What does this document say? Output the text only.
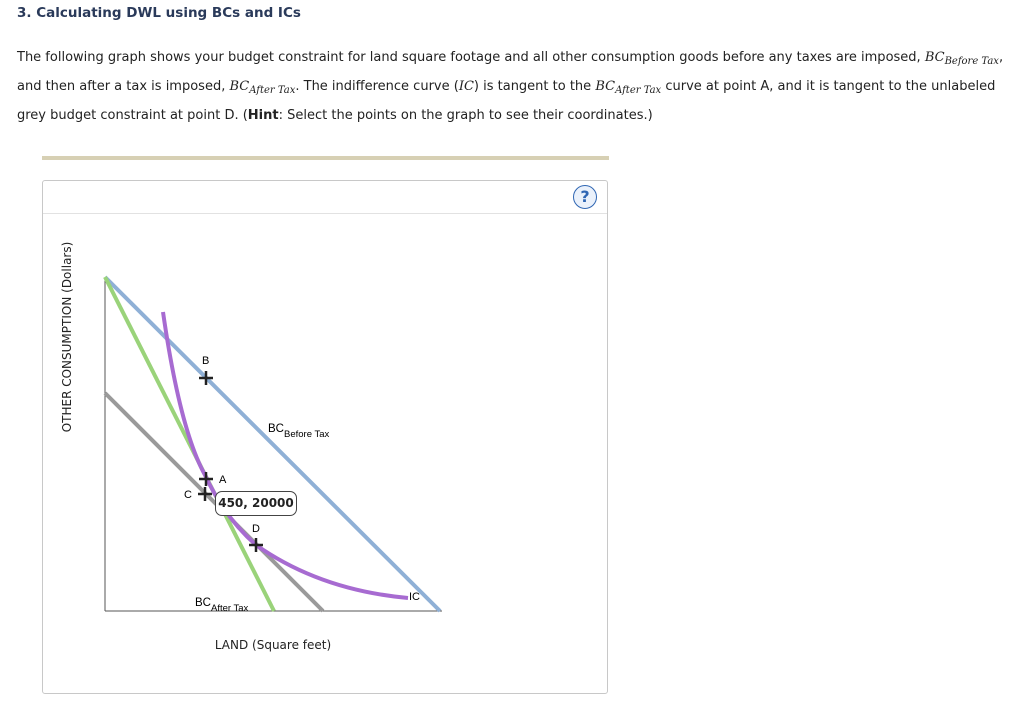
3. Calculating DWL using BCs and ICs
The following graph shows your budget constraint for land square footage and all other consumption goods before any taxes are imposed, $BC_{Before Tax}$,
and then after a tax is imposed, $BC_{After Tax}$. The indifference curve (IC) is tangent to the $BC_{After Tax}$ curve at point A, and it is tangent to the unlabeled
grey budget constraint at point D. (Hint: Select the points on the graph to see their coordinates.)
?
$BC_{Before Tax}$
$BC_{After Tax}$
IC
B
A
C
D
450, 20000
OTHER CONSUMPTION (Dollars)
LAND (Square feet)
